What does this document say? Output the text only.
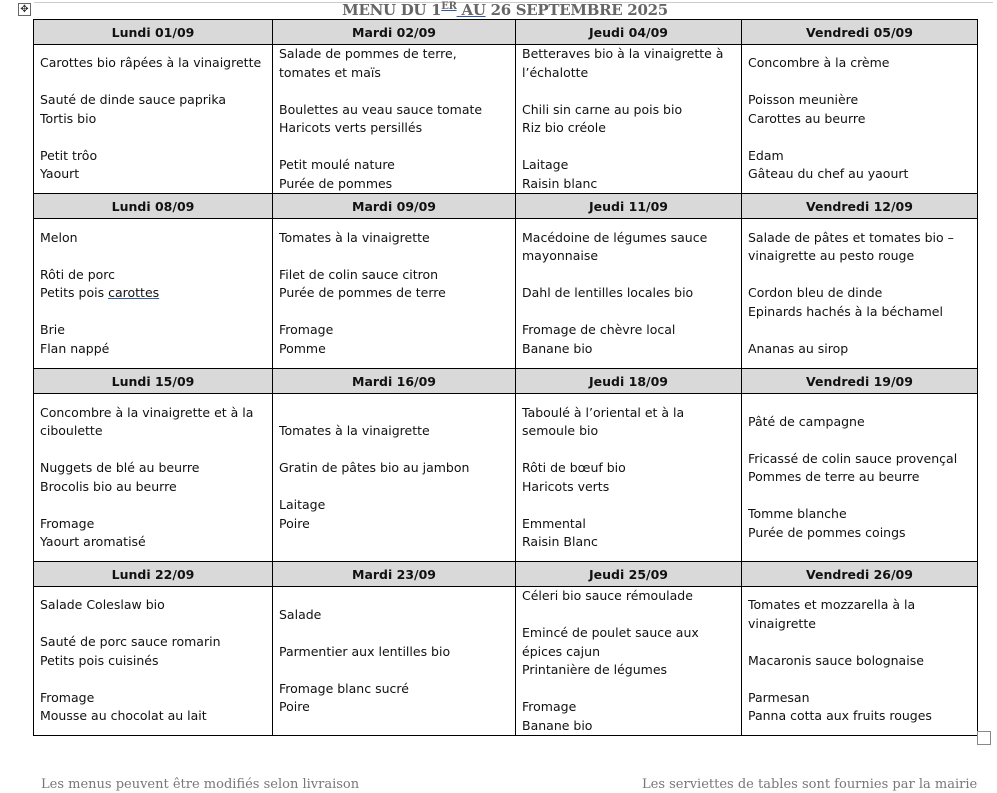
✥	MENU DU 1ER AU 26 SEPTEMBRE 2025
Lundi 01/09	Mardi 02/09	Jeudi 04/09	Vendredi 05/09

Carottes bio râpées à la vinaigrette
Sauté de dinde sauce paprika
Tortis bio
Petit trôo
Yaourt	Salade de pommes de terre, tomates et maïs
Boulettes au veau sauce tomate
Haricots verts persillés
Petit moulé nature
Purée de pommes	Betteraves bio à la vinaigrette à l’échalotte
Chili sin carne au pois bio
Riz bio créole
Laitage
Raisin blanc	Concombre à la crème
Poisson meunière
Carottes au beurre
Edam
Gâteau du chef au yaourt

Lundi 08/09	Mardi 09/09	Jeudi 11/09	Vendredi 12/09

Melon
Rôti de porc
Petits pois carottes
Brie
Flan nappé	Tomates à la vinaigrette
Filet de colin sauce citron
Purée de pommes de terre
Fromage
Pomme	Macédoine de légumes sauce mayonnaise
Dahl de lentilles locales bio
Fromage de chèvre local
Banane bio	Salade de pâtes et tomates bio – vinaigrette au pesto rouge
Cordon bleu de dinde
Epinards hachés à la béchamel
Ananas au sirop

Lundi 15/09	Mardi 16/09	Jeudi 18/09	Vendredi 19/09

Concombre à la vinaigrette et à la ciboulette
Nuggets de blé au beurre
Brocolis bio au beurre
Fromage
Yaourt aromatisé	Tomates à la vinaigrette
Gratin de pâtes bio au jambon
Laitage
Poire	Taboulé à l’oriental et à la semoule bio
Rôti de bœuf bio
Haricots verts
Emmental
Raisin Blanc	Pâté de campagne
Fricassé de colin sauce provençal
Pommes de terre au beurre
Tomme blanche
Purée de pommes coings

Lundi 22/09	Mardi 23/09	Jeudi 25/09	Vendredi 26/09

Salade Coleslaw bio
Sauté de porc sauce romarin
Petits pois cuisinés
Fromage
Mousse au chocolat au lait	Salade
Parmentier aux lentilles bio
Fromage blanc sucré
Poire	Céleri bio sauce rémoulade
Emincé de poulet sauce aux épices cajun
Printanière de légumes
Fromage
Banane bio	Tomates et mozzarella à la vinaigrette
Macaronis sauce bolognaise
Parmesan
Panna cotta aux fruits rouges
Les menus peuvent être modifiés selon livraison	Les serviettes de tables sont fournies par la mairie
